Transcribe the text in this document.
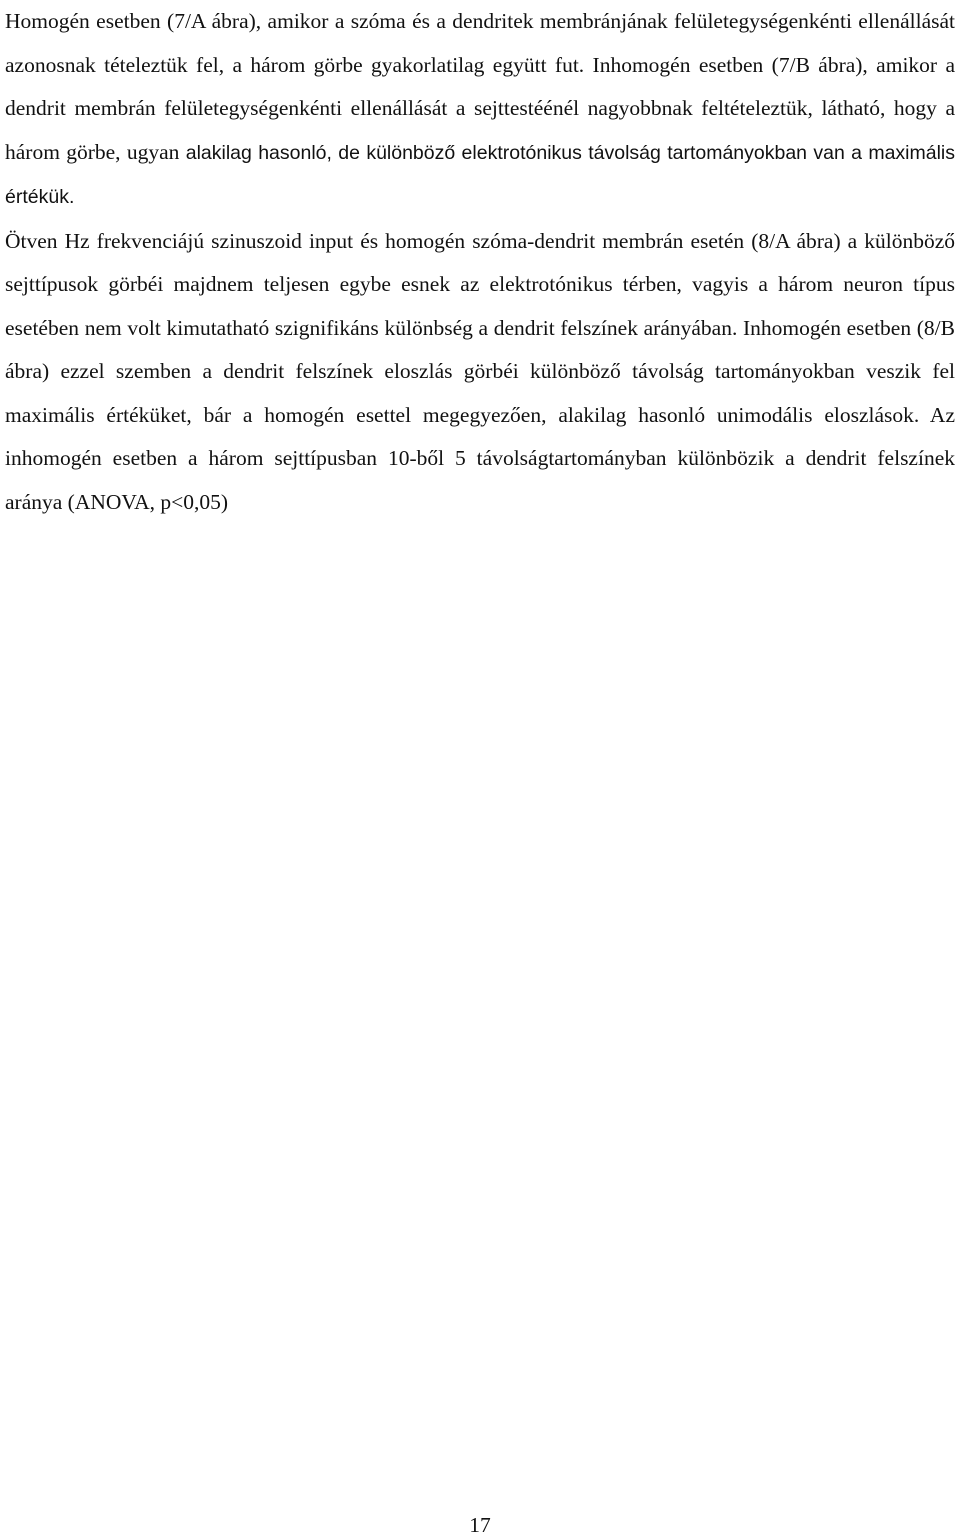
Homogén esetben (7/A ábra), amikor a szóma és a dendritek membránjának felületegységenkénti ellenállását azonosnak tételeztük fel, a három görbe gyakorlatilag együtt fut. Inhomogén esetben (7/B ábra), amikor a dendrit membrán felületegységenkénti ellenállását a sejttestéénél nagyobbnak feltételeztük, látható, hogy a három görbe, ugyan alakilag hasonló, de különböző elektrotónikus távolság tartományokban van a maximális értékük.

Ötven Hz frekvenciájú szinuszoid input és homogén szóma-dendrit membrán esetén (8/A ábra) a különböző sejttípusok görbéi majdnem teljesen egybe esnek az elektrotónikus térben, vagyis a három neuron típus esetében nem volt kimutatható szignifikáns különbség a dendrit felszínek arányában. Inhomogén esetben (8/B ábra) ezzel szemben a dendrit felszínek eloszlás görbéi különböző távolság tartományokban veszik fel maximális értéküket, bár a homogén esettel megegyezően, alakilag hasonló unimodális eloszlások. Az inhomogén esetben a három sejttípusban 10-ből 5 távolságtartományban különbözik a dendrit felszínek aránya (ANOVA, p<0,05)

17
